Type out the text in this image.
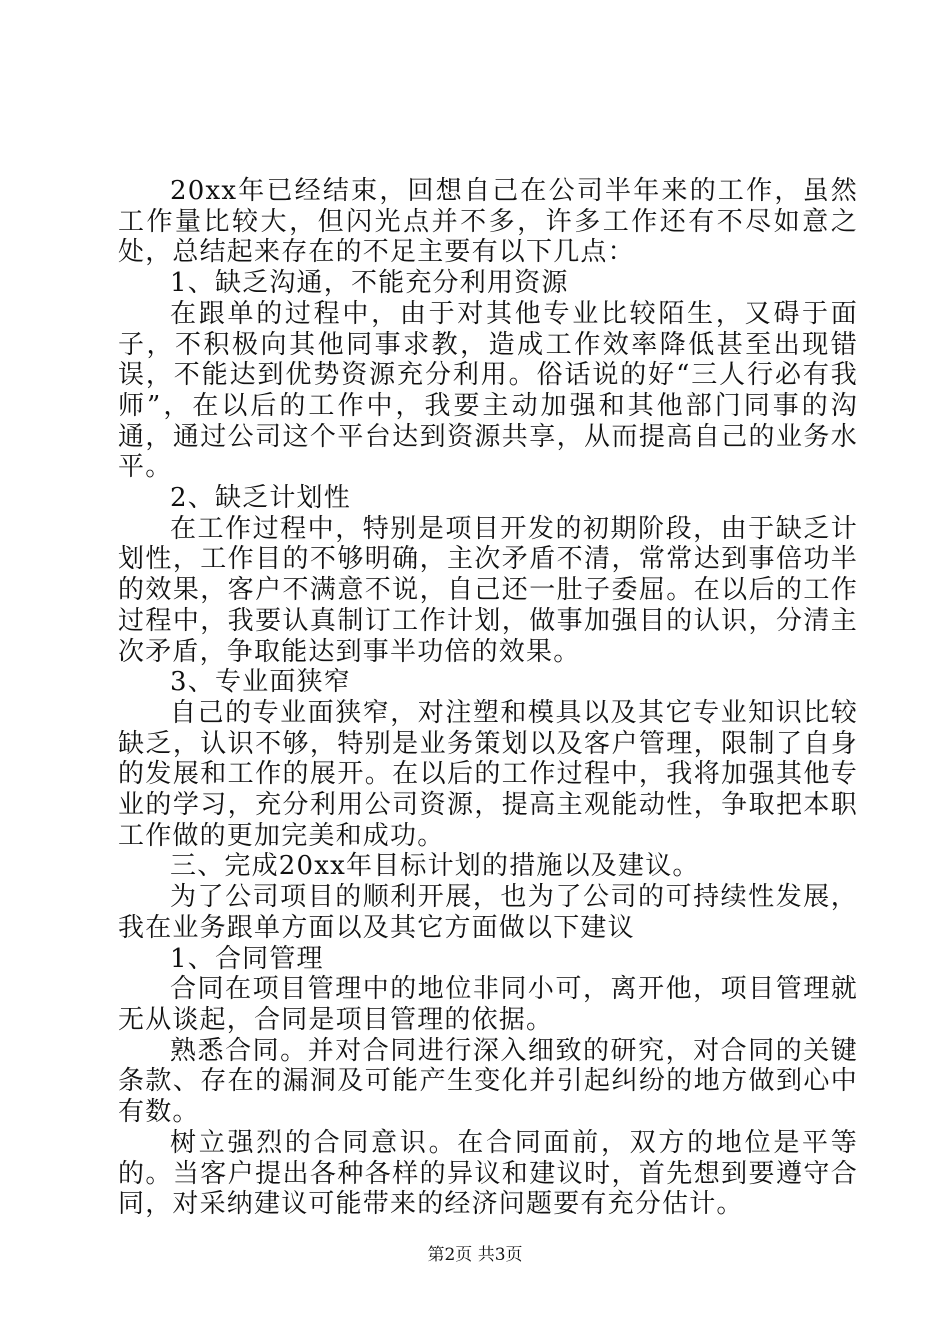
20xx年已经结束，回想自己在公司半年来的工作，虽然工作量比较大，但闪光点并不多，许多工作还有不尽如意之处，总结起来存在的不足主要有以下几点：

1、缺乏沟通，不能充分利用资源

在跟单的过程中，由于对其他专业比较陌生，又碍于面子，不积极向其他同事求教，造成工作效率降低甚至出现错误，不能达到优势资源充分利用。俗话说的好“三人行必有我师”，在以后的工作中，我要主动加强和其他部门同事的沟通，通过公司这个平台达到资源共享，从而提高自己的业务水平。

2、缺乏计划性

在工作过程中，特别是项目开发的初期阶段，由于缺乏计划性，工作目的不够明确，主次矛盾不清，常常达到事倍功半的效果，客户不满意不说，自己还一肚子委屈。在以后的工作过程中，我要认真制订工作计划，做事加强目的认识，分清主次矛盾，争取能达到事半功倍的效果。

3、专业面狭窄

自己的专业面狭窄，对注塑和模具以及其它专业知识比较缺乏，认识不够，特别是业务策划以及客户管理，限制了自身的发展和工作的展开。在以后的工作过程中，我将加强其他专业的学习，充分利用公司资源，提高主观能动性，争取把本职工作做的更加完美和成功。

三、完成20xx年目标计划的措施以及建议。

为了公司项目的顺利开展，也为了公司的可持续性发展，我在业务跟单方面以及其它方面做以下建议

1、合同管理

合同在项目管理中的地位非同小可，离开他，项目管理就无从谈起，合同是项目管理的依据。

熟悉合同。并对合同进行深入细致的研究，对合同的关键条款、存在的漏洞及可能产生变化并引起纠纷的地方做到心中有数。

树立强烈的合同意识。在合同面前，双方的地位是平等的。当客户提出各种各样的异议和建议时，首先想到要遵守合同，对采纳建议可能带来的经济问题要有充分估计。

第2页 共3页
